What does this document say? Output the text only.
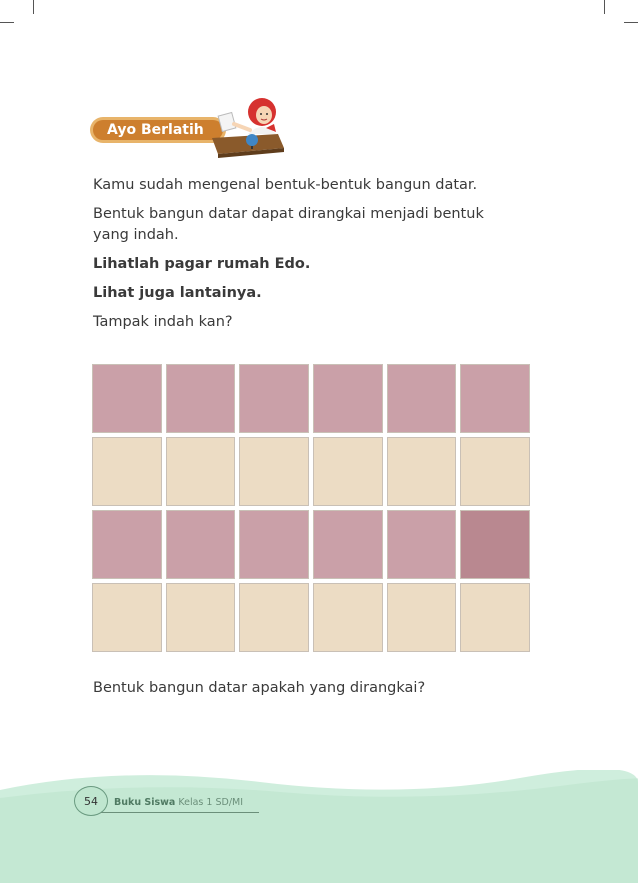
Ayo Berlatih

Kamu sudah mengenal bentuk-bentuk bangun datar.

Bentuk bangun datar dapat dirangkai menjadi bentuk yang indah.

Lihatlah pagar rumah Edo.

Lihat juga lantainya.

Tampak indah kan?

Bentuk bangun datar apakah yang dirangkai?
54	Buku Siswa Kelas 1 SD/MI
